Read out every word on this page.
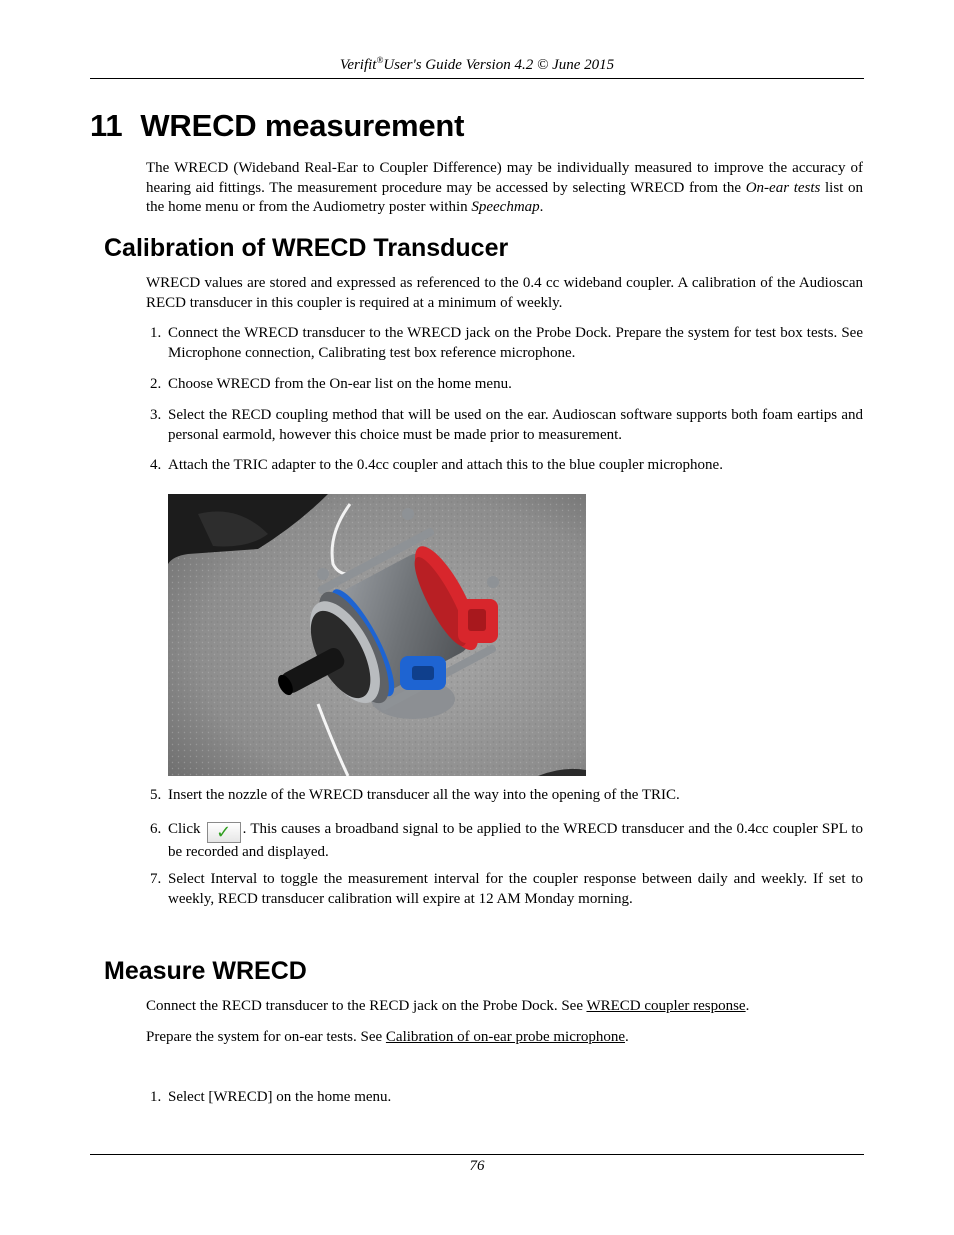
Verifit®User's Guide Version 4.2 © June 2015
11 WRECD measurement

The WRECD (Wideband Real-Ear to Coupler Difference) may be individually measured to improve the accuracy of hearing aid fittings. The measurement procedure may be accessed by selecting WRECD from the On-ear tests list on the home menu or from the Audiometry poster within Speechmap.

Calibration of WRECD Transducer

WRECD values are stored and expressed as referenced to the 0.4 cc wideband coupler. A calibration of the Audioscan RECD transducer in this coupler is required at a minimum of weekly.

1. Connect the WRECD transducer to the WRECD jack on the Probe Dock. Prepare the system for test box tests. See Microphone connection, Calibrating test box reference microphone.
2. Choose WRECD from the On-ear list on the home menu.
3. Select the RECD coupling method that will be used on the ear. Audioscan software supports both foam eartips and personal earmold, however this choice must be made prior to measurement.
4. Attach the TRIC adapter to the 0.4cc coupler and attach this to the blue coupler microphone.
5. Insert the nozzle of the WRECD transducer all the way into the opening of the TRIC.
6. Click ✓ . This causes a broadband signal to be applied to the WRECD transducer and the 0.4cc coupler SPL to be recorded and displayed.
7. Select Interval to toggle the measurement interval for the coupler response between daily and weekly. If set to weekly, RECD transducer calibration will expire at 12 AM Monday morning.
Measure WRECD

Connect the RECD transducer to the RECD jack on the Probe Dock. See WRECD coupler response.

Prepare the system for on-ear tests. See Calibration of on-ear probe microphone.

1. Select [WRECD] on the home menu.
76
